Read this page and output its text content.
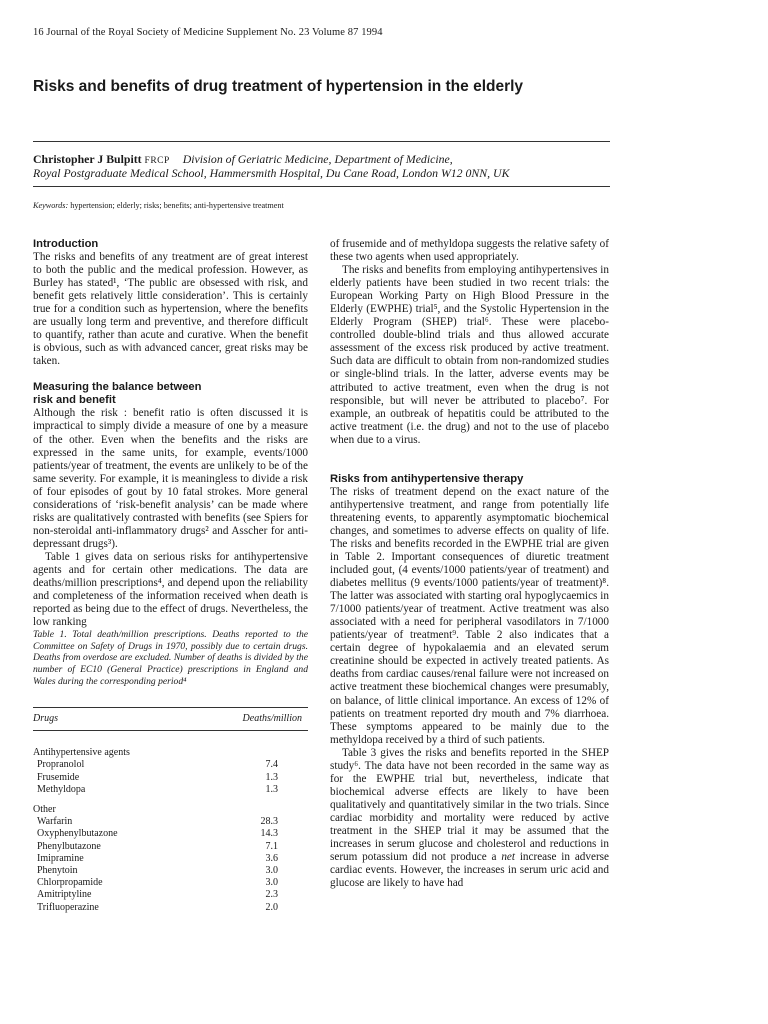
16 Journal of the Royal Society of Medicine Supplement No. 23 Volume 87 1994
Risks and benefits of drug treatment of hypertension in the elderly
Christopher J Bulpitt FRCP Division of Geriatric Medicine, Department of Medicine,
Royal Postgraduate Medical School, Hammersmith Hospital, Du Cane Road, London W12 0NN, UK
Keywords: hypertension; elderly; risks; benefits; anti-hypertensive treatment
Introduction

The risks and benefits of any treatment are of great interest to both the public and the medical profession. However, as Burley has stated¹, ‘The public are obsessed with risk, and benefit gets relatively little consideration’. This is certainly true for a condition such as hypertension, where the benefits are usually long term and preventive, and therefore difficult to quantify, rather than acute and curative. When the benefit is obvious, such as with advanced cancer, great risks may be taken.

Measuring the balance between
risk and benefit

Although the risk : benefit ratio is often discussed it is impractical to simply divide a measure of one by a measure of the other. Even when the benefits and the risks are expressed in the same units, for example, events/1000 patients/year of treatment, the events are unlikely to be of the same severity. For example, it is meaningless to divide a risk of four episodes of gout by 10 fatal strokes. More general considerations of ‘risk-benefit analysis’ can be made where risks are qualitatively contrasted with benefits (see Spiers for non-steroidal anti-inflammatory drugs² and Asscher for anti-depressant drugs³).

Table 1 gives data on serious risks for antihypertensive agents and for certain other medications. The data are deaths/million prescriptions⁴, and depend upon the reliability and completeness of the information received when death is reported as being due to the effect of drugs. Nevertheless, the low ranking

Table 1. Total death/million prescriptions. Deaths reported to the Committee on Safety of Drugs in 1970, possibly due to certain drugs. Deaths from overdose are excluded. Number of deaths is divided by the number of EC10 (General Practice) prescriptions in England and Wales during the corresponding period⁴

Drugs	Deaths/million
Antihypertensive agents	
Propranolol	7.4
Frusemide	1.3
Methyldopa	1.3
Other	
Warfarin	28.3
Oxyphenylbutazone	14.3
Phenylbutazone	7.1
Imipramine	3.6
Phenytoin	3.0
Chlorpropamide	3.0
Amitriptyline	2.3
Trifluoperazine	2.0

of frusemide and of methyldopa suggests the relative safety of these two agents when used appropriately.

The risks and benefits from employing antihypertensives in elderly patients have been studied in two recent trials: the European Working Party on High Blood Pressure in the Elderly (EWPHE) trial⁵, and the Systolic Hypertension in the Elderly Program (SHEP) trial⁶. These were placebo-controlled double-blind trials and thus allowed accurate assessment of the excess risk produced by active treatment. Such data are difficult to obtain from non-randomized studies or single-blind trials. In the latter, adverse events may be attributed to active treatment, even when the drug is not responsible, but will never be attributed to placebo⁷. For example, an outbreak of hepatitis could be attributed to the active treatment (i.e. the drug) and not to the use of placebo when due to a virus.

Risks from antihypertensive therapy

The risks of treatment depend on the exact nature of the antihypertensive treatment, and range from potentially life threatening events, to apparently asymptomatic biochemical changes, and sometimes to adverse effects on quality of life. The risks and benefits recorded in the EWPHE trial are given in Table 2. Important consequences of diuretic treatment included gout, (4 events/1000 patients/year of treatment) and diabetes mellitus (9 events/1000 patients/year of treatment)⁸. The latter was associated with starting oral hypoglycaemics in 7/1000 patients/year of treatment. Active treatment was also associated with a need for peripheral vasodilators in 7/1000 patients/year of treatment⁹. Table 2 also indicates that a certain degree of hypokalaemia and an elevated serum creatinine should be expected in actively treated patients. As deaths from cardiac causes/renal failure were not increased on active treatment these biochemical changes were presumably, on balance, of little clinical importance. An excess of 12% of patients on treatment reported dry mouth and 7% diarrhoea. These symptoms appeared to be mainly due to the methyldopa received by a third of such patients.

Table 3 gives the risks and benefits reported in the SHEP study⁶. The data have not been recorded in the same way as for the EWPHE trial but, nevertheless, indicate that biochemical adverse effects are likely to have been qualitatively and quantitatively similar in the two trials. Since cardiac morbidity and mortality were reduced by active treatment in the SHEP trial it may be assumed that the increases in serum glucose and cholesterol and reductions in serum potassium did not produce a net increase in adverse cardiac events. However, the increases in serum uric acid and glucose are likely to have had
